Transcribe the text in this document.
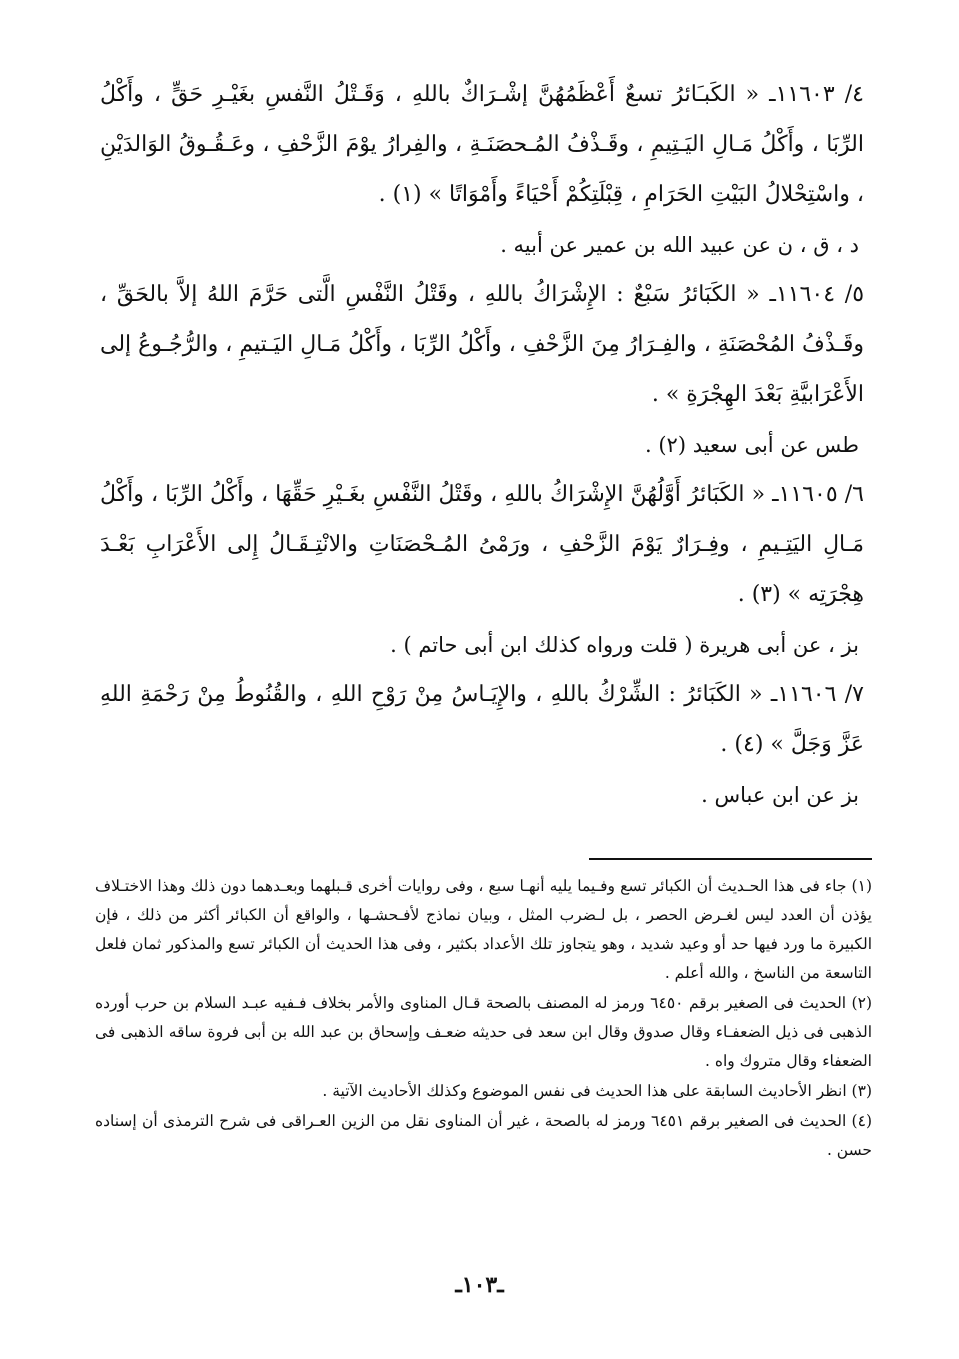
٤/ ١١٦٠٣ـ « الكَبـَائرُ تسعٌ أَعْظَمُهُنَّ إشْـرَاكٌ باللهِ ، وَقَـتْلُ النَّفسِ بغَيْـرِ حَقٍّ ، وأَكْلُ الرِّبَا ، وأَكْلُ مَـالِ اليَـتِيمِ ، وقَـذْفُ المُـحصَنَـةِ ، والفِرارُ يوْمَ الزَّحْفِ ، وعَـقُـوقُ الوَالدَيْنِ ، واسْتِحْلالُ البَيْتِ الحَرَامِ ، قِبْلَتِكُمْ أَحْيَاءً وأَمْوَاتًا » (١) .

د ، ق ، ن عن عبيد الله بن عمير عن أبيه .

٥/ ١١٦٠٤ـ « الكَبَائرُ سَبْعٌ : الإِشْرَاكُ باللهِ ، وقَتْلُ النَّفْسِ الَّتى حَرَّمَ اللهُ إلاَّ بالحَقِّ ، وقَـذْفُ المُحْصَنَةِ ، والفِـرَارُ مِنَ الزَّحْفِ ، وأَكْلُ الرِّبَا ، وأَكْلُ مَـالِ اليَـتيمِ ، والرُّجُـوعُ إلى الأَعْرَابيَّةِ بَعْدَ الهِجْرَةِ » .

طس عن أبى سعيد (٢) .

٦/ ١١٦٠٥ـ « الكَبَائرُ أَوَّلُهُنَّ الإِشْرَاكُ باللهِ ، وقَتْلُ النَّفْسِ بغَـيْرِ حَقِّهَا ، وأَكْلُ الرِّبَا ، وأَكْلُ مَـالِ اليَتِـيمِ ، وفِـرَارٌ يَوْمَ الزَّحْفِ ، ورَمْىُ المُـحْصَنَاتِ والانْتِـقَـالُ إِلى الأَعْرَابِ بَعْـدَ هِجْرَتِه » (٣) .

بز ، عن أبى هريرة ( قلت ورواه كذلك ابن أبى حاتم ) .

٧/ ١١٦٠٦ـ « الكَبَائرُ : الشِّرْكُ باللهِ ، والإِيَـاسُ مِنْ رَوْحِ اللهِ ، والقُنُوطُ مِنْ رَحْمَةِ اللهِ عَزَّ وَجَلَّ » (٤) .

بز عن ابن عباس .

(١) جاء فى هذا الحـديث أن الكبائر تسع وفـيما يليه أنهـا سبع ، وفى روايات أخرى قـبلهما وبعـدهما دون ذلك وهذا الاختـلاف يؤذن أن العدد ليس لغـرض الحصر ، بل لـضرب المثل ، وبيان نماذج لأفـحشـها ، والواقع أن الكبائر أكثر من ذلك ، فإن الكبيرة ما ورد فيها حد أو وعيد شديد ، وهو يتجاوز تلك الأعداد بكثير ، وفى هذا الحديث أن الكبائر تسع والمذكور ثمان فلعل التاسعة من الناسخ ، والله أعلم .

(٢) الحديث فى الصغير برقم ٦٤٥٠ ورمز له المصنف بالصحة قـال المناوى والأمر بخلاف فـفيه عبـد السلام بن حرب أورده الذهبى فى ذيل الضعفـاء وقال صدوق وقال ابن سعد فى حديثه ضعـف وإسحاق بن عبد الله بن أبى فروة ساقه الذهبى فى الضعفاء وقال متروك واه .

(٣) انظر الأحاديث السابقة على هذا الحديث فى نفس الموضوع وكذلك الأحاديث الآتية .

(٤) الحديث فى الصغير برقم ٦٤٥١ ورمز له بالصحة ، غير أن المناوى نقل من الزين العـراقى فى شرح الترمذى أن إسناده حسن .

ـ١٠٣ـ
